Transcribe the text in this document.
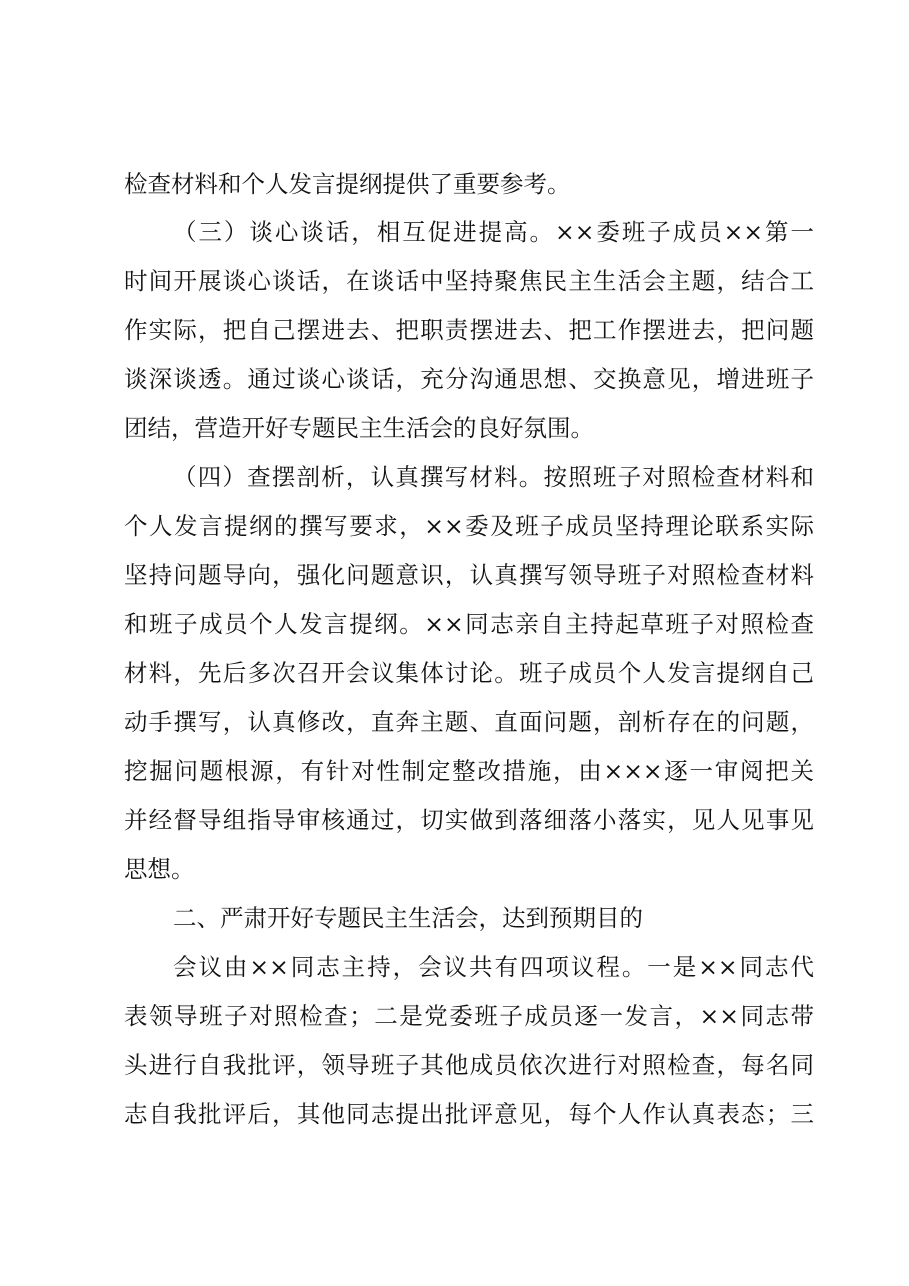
检查材料和个人发言提纲提供了重要参考。
（三）谈心谈话，相互促进提高。××委班子成员××第一
时间开展谈心谈话，在谈话中坚持聚焦民主生活会主题，结合工
作实际，把自己摆进去、把职责摆进去、把工作摆进去，把问题
谈深谈透。通过谈心谈话，充分沟通思想、交换意见，增进班子
团结，营造开好专题民主生活会的良好氛围。
（四）查摆剖析，认真撰写材料。按照班子对照检查材料和
个人发言提纲的撰写要求，××委及班子成员坚持理论联系实际
坚持问题导向，强化问题意识，认真撰写领导班子对照检查材料
和班子成员个人发言提纲。××同志亲自主持起草班子对照检查
材料，先后多次召开会议集体讨论。班子成员个人发言提纲自己
动手撰写，认真修改，直奔主题、直面问题，剖析存在的问题，
挖掘问题根源，有针对性制定整改措施，由×××逐一审阅把关
并经督导组指导审核通过，切实做到落细落小落实，见人见事见
思想。
二、严肃开好专题民主生活会，达到预期目的
会议由××同志主持，会议共有四项议程。一是××同志代
表领导班子对照检查；二是党委班子成员逐一发言，××同志带
头进行自我批评，领导班子其他成员依次进行对照检查，每名同
志自我批评后，其他同志提出批评意见，每个人作认真表态；三
